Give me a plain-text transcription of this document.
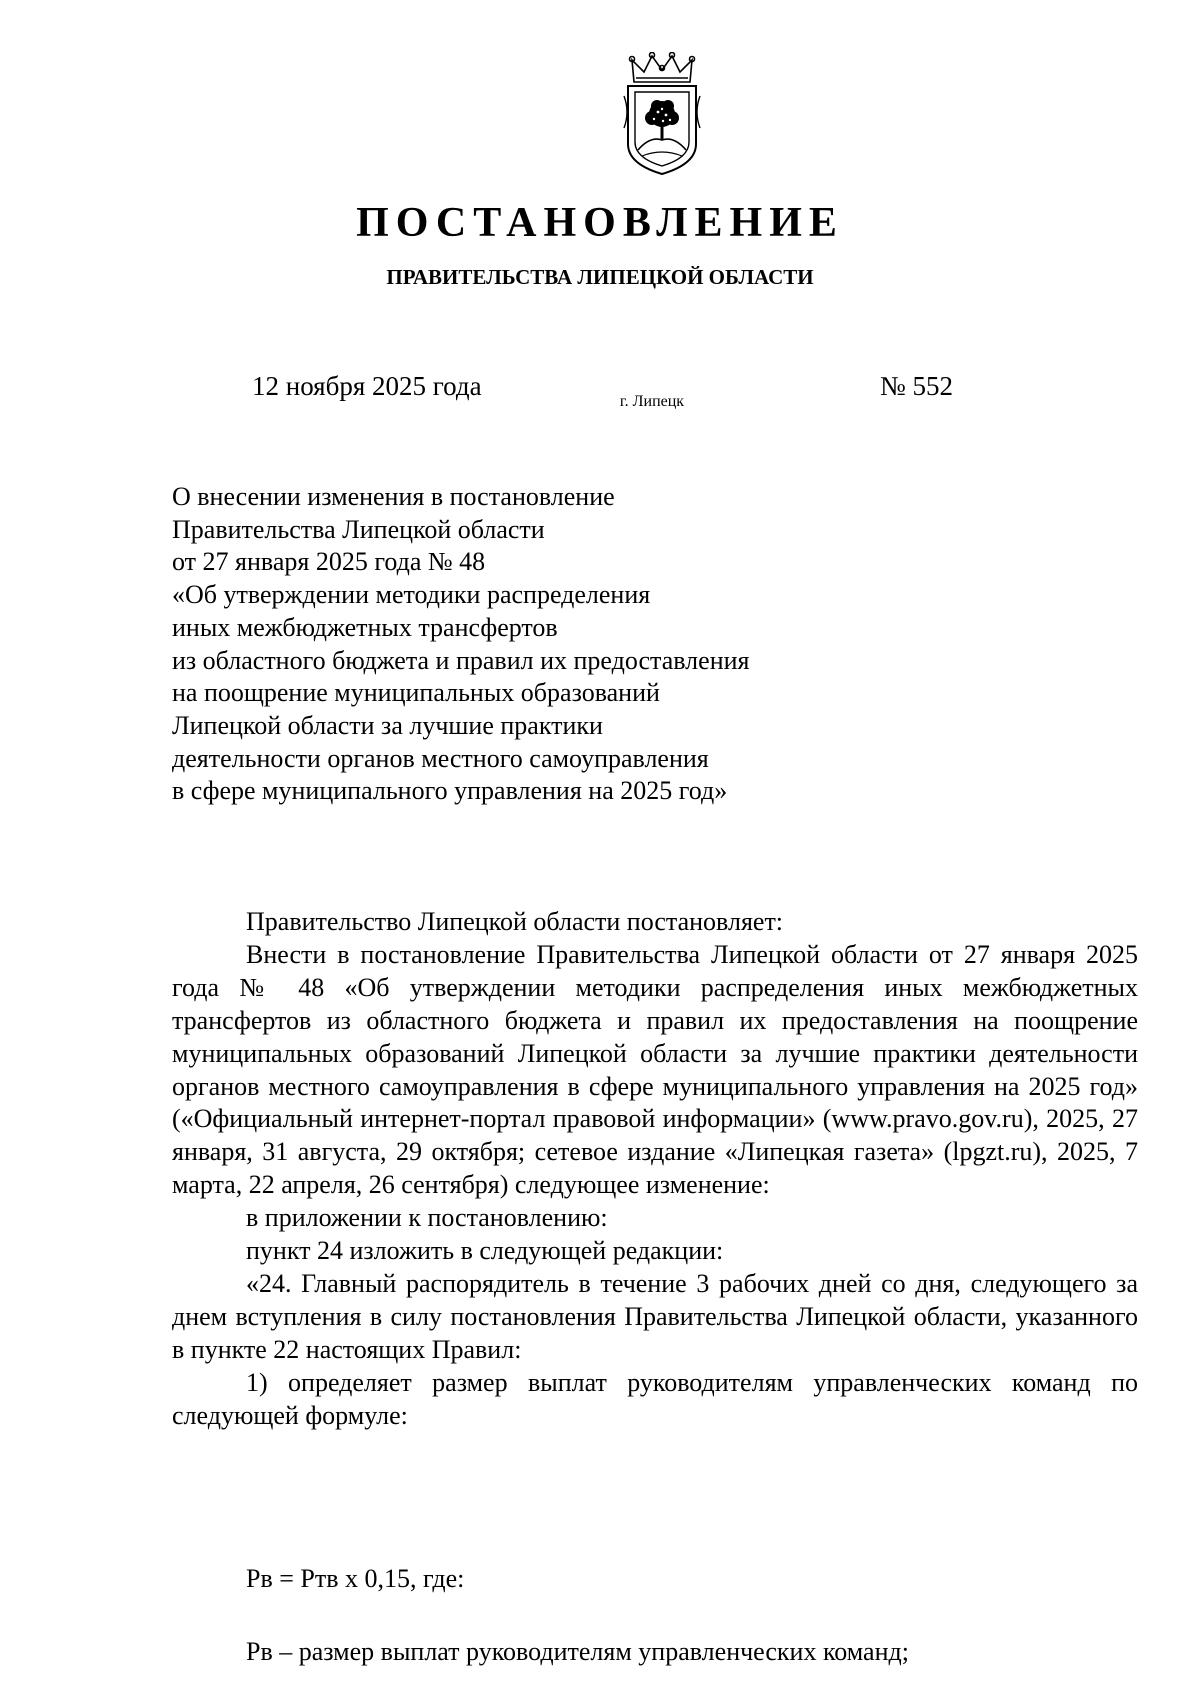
ПОСТАНОВЛЕНИЕ
ПРАВИТЕЛЬСТВА ЛИПЕЦКОЙ ОБЛАСТИ
12 ноября 2025 года
г. Липецк
№ 552
О внесении изменения в постановление
Правительства Липецкой области
от 27 января 2025 года № 48
«Об утверждении методики распределения
иных межбюджетных трансфертов
из областного бюджета и правил их предоставления
на поощрение муниципальных образований
Липецкой области за лучшие практики
деятельности органов местного самоуправления
в сфере муниципального управления на 2025 год»

Правительство Липецкой области постановляет:

Внести в постановление Правительства Липецкой области от 27 января 2025 года № 48 «Об утверждении методики распределения иных межбюджетных трансфертов из областного бюджета и правил их предоставления на поощрение муниципальных образований Липецкой области за лучшие практики деятельности органов местного самоуправления в сфере муниципального управления на 2025 год» («Официальный интернет-портал правовой информации» (www.pravo.gov.ru), 2025, 27 января, 31 августа, 29 октября; сетевое издание «Липецкая газета» (lpgzt.ru), 2025, 7 марта, 22 апреля, 26 сентября) следующее изменение:

в приложении к постановлению:

пункт 24 изложить в следующей редакции:

«24. Главный распорядитель в течение 3 рабочих дней со дня, следующего за днем вступления в силу постановления Правительства Липецкой области, указанного в пункте 22 настоящих Правил:

1) определяет размер выплат руководителям управленческих команд по следующей формуле:

Рв = Ртв x 0,15, где:
Рв – размер выплат руководителям управленческих команд;
